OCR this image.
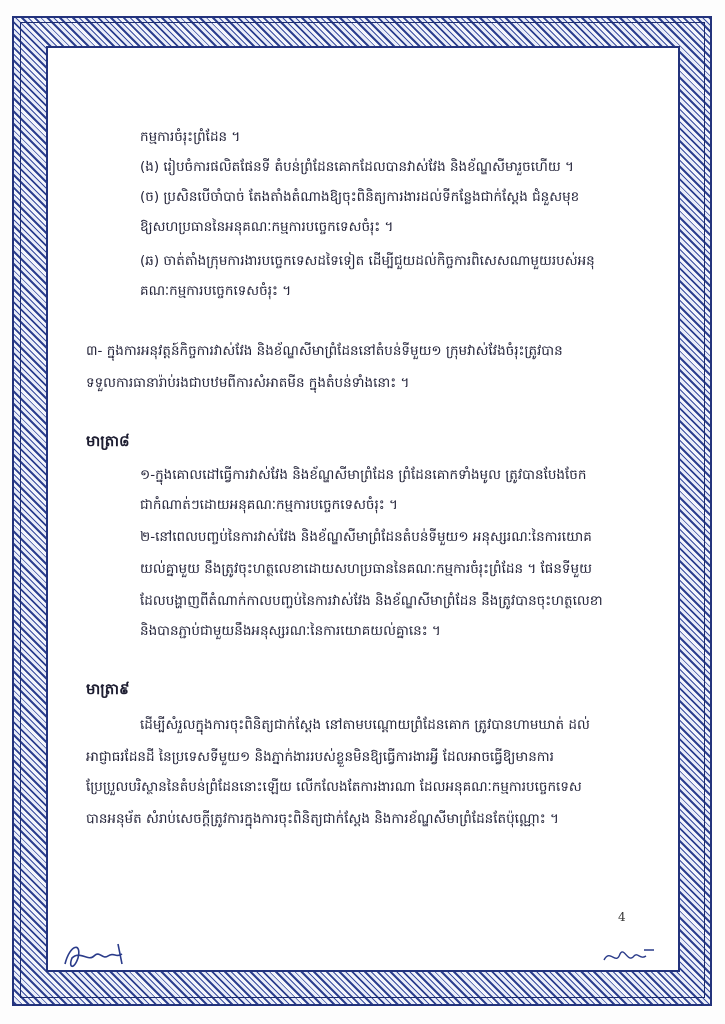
កម្មការចំរុះព្រំដែន ។
(ង) រៀបចំការផលិតផែនទី តំបន់ព្រំដែនគោកដែលបានវាស់វែង និងខ័ណ្ឌសីមារួចហើយ ។
(ច) ប្រសិនបើចាំបាច់ តែងតាំងតំណាងឱ្យចុះពិនិត្យការងារដល់ទីកន្លែងជាក់ស្តែង ជំនួសមុខ
ឱ្យសហប្រធាននៃអនុគណៈកម្មការបច្ចេកទេសចំរុះ ។
(ឆ) ចាត់តាំងក្រុមការងារបច្ចេកទេសដទៃទៀត ដើម្បីជួយដល់កិច្ចការពិសេសណាមួយរបស់អនុ
គណៈកម្មការបច្ចេកទេសចំរុះ ។
៣- ក្នុងការអនុវត្តន៍កិច្ចការវាស់វែង និងខ័ណ្ឌសីមាព្រំដែននៅតំបន់ទីមួយ១ ក្រុមវាស់វែងចំរុះត្រូវបាន
ទទួលការធានារ៉ាប់រងជាបឋមពីការសំអាតមីន ក្នុងតំបន់ទាំងនោះ ។
មាត្រា៨
១-ក្នុងគោលដៅធ្វើការវាស់វែង និងខ័ណ្ឌសីមាព្រំដែន ព្រំដែនគោកទាំងមូល ត្រូវបានបែងចែក
ជាកំណាត់ៗដោយអនុគណៈកម្មការបច្ចេកទេសចំរុះ ។
២-នៅពេលបញ្ចប់នៃការវាស់វែង និងខ័ណ្ឌសីមាព្រំដែនតំបន់ទីមួយ១ អនុស្សរណៈនៃការយោគ
យល់គ្នាមួយ នឹងត្រូវចុះហត្ថលេខាដោយសហប្រធាននៃគណៈកម្មការចំរុះព្រំដែន ។ ផែនទីមួយ
ដែលបង្ហាញពីតំណាក់កាលបញ្ចប់នៃការវាស់វែង និងខ័ណ្ឌសីមាព្រំដែន នឹងត្រូវបានចុះហត្ថលេខា
និងបានភ្ជាប់ជាមួយនឹងអនុស្សរណៈនៃការយោគយល់គ្នានេះ ។
មាត្រា៩
ដើម្បីសំរួលក្នុងការចុះពិនិត្យជាក់ស្តែង នៅតាមបណ្តោយព្រំដែនគោក ត្រូវបានហាមឃាត់ ដល់
អាជ្ញាធរដែនដី នៃប្រទេសទីមួយ១ និងភ្នាក់ងាររបស់ខ្លួនមិនឱ្យធ្វើការងារអ្វី ដែលអាចធ្វើឱ្យមានការ
ប្រែប្រួលបរិស្ថាននៃតំបន់ព្រំដែននោះឡើយ លើកលែងតែការងារណា ដែលអនុគណៈកម្មការបច្ចេកទេស
បានអនុម័ត សំរាប់សេចក្តីត្រូវការក្នុងការចុះពិនិត្យជាក់ស្តែង និងការខ័ណ្ឌសីមាព្រំដែនតែប៉ុណ្ណោះ ។
4
